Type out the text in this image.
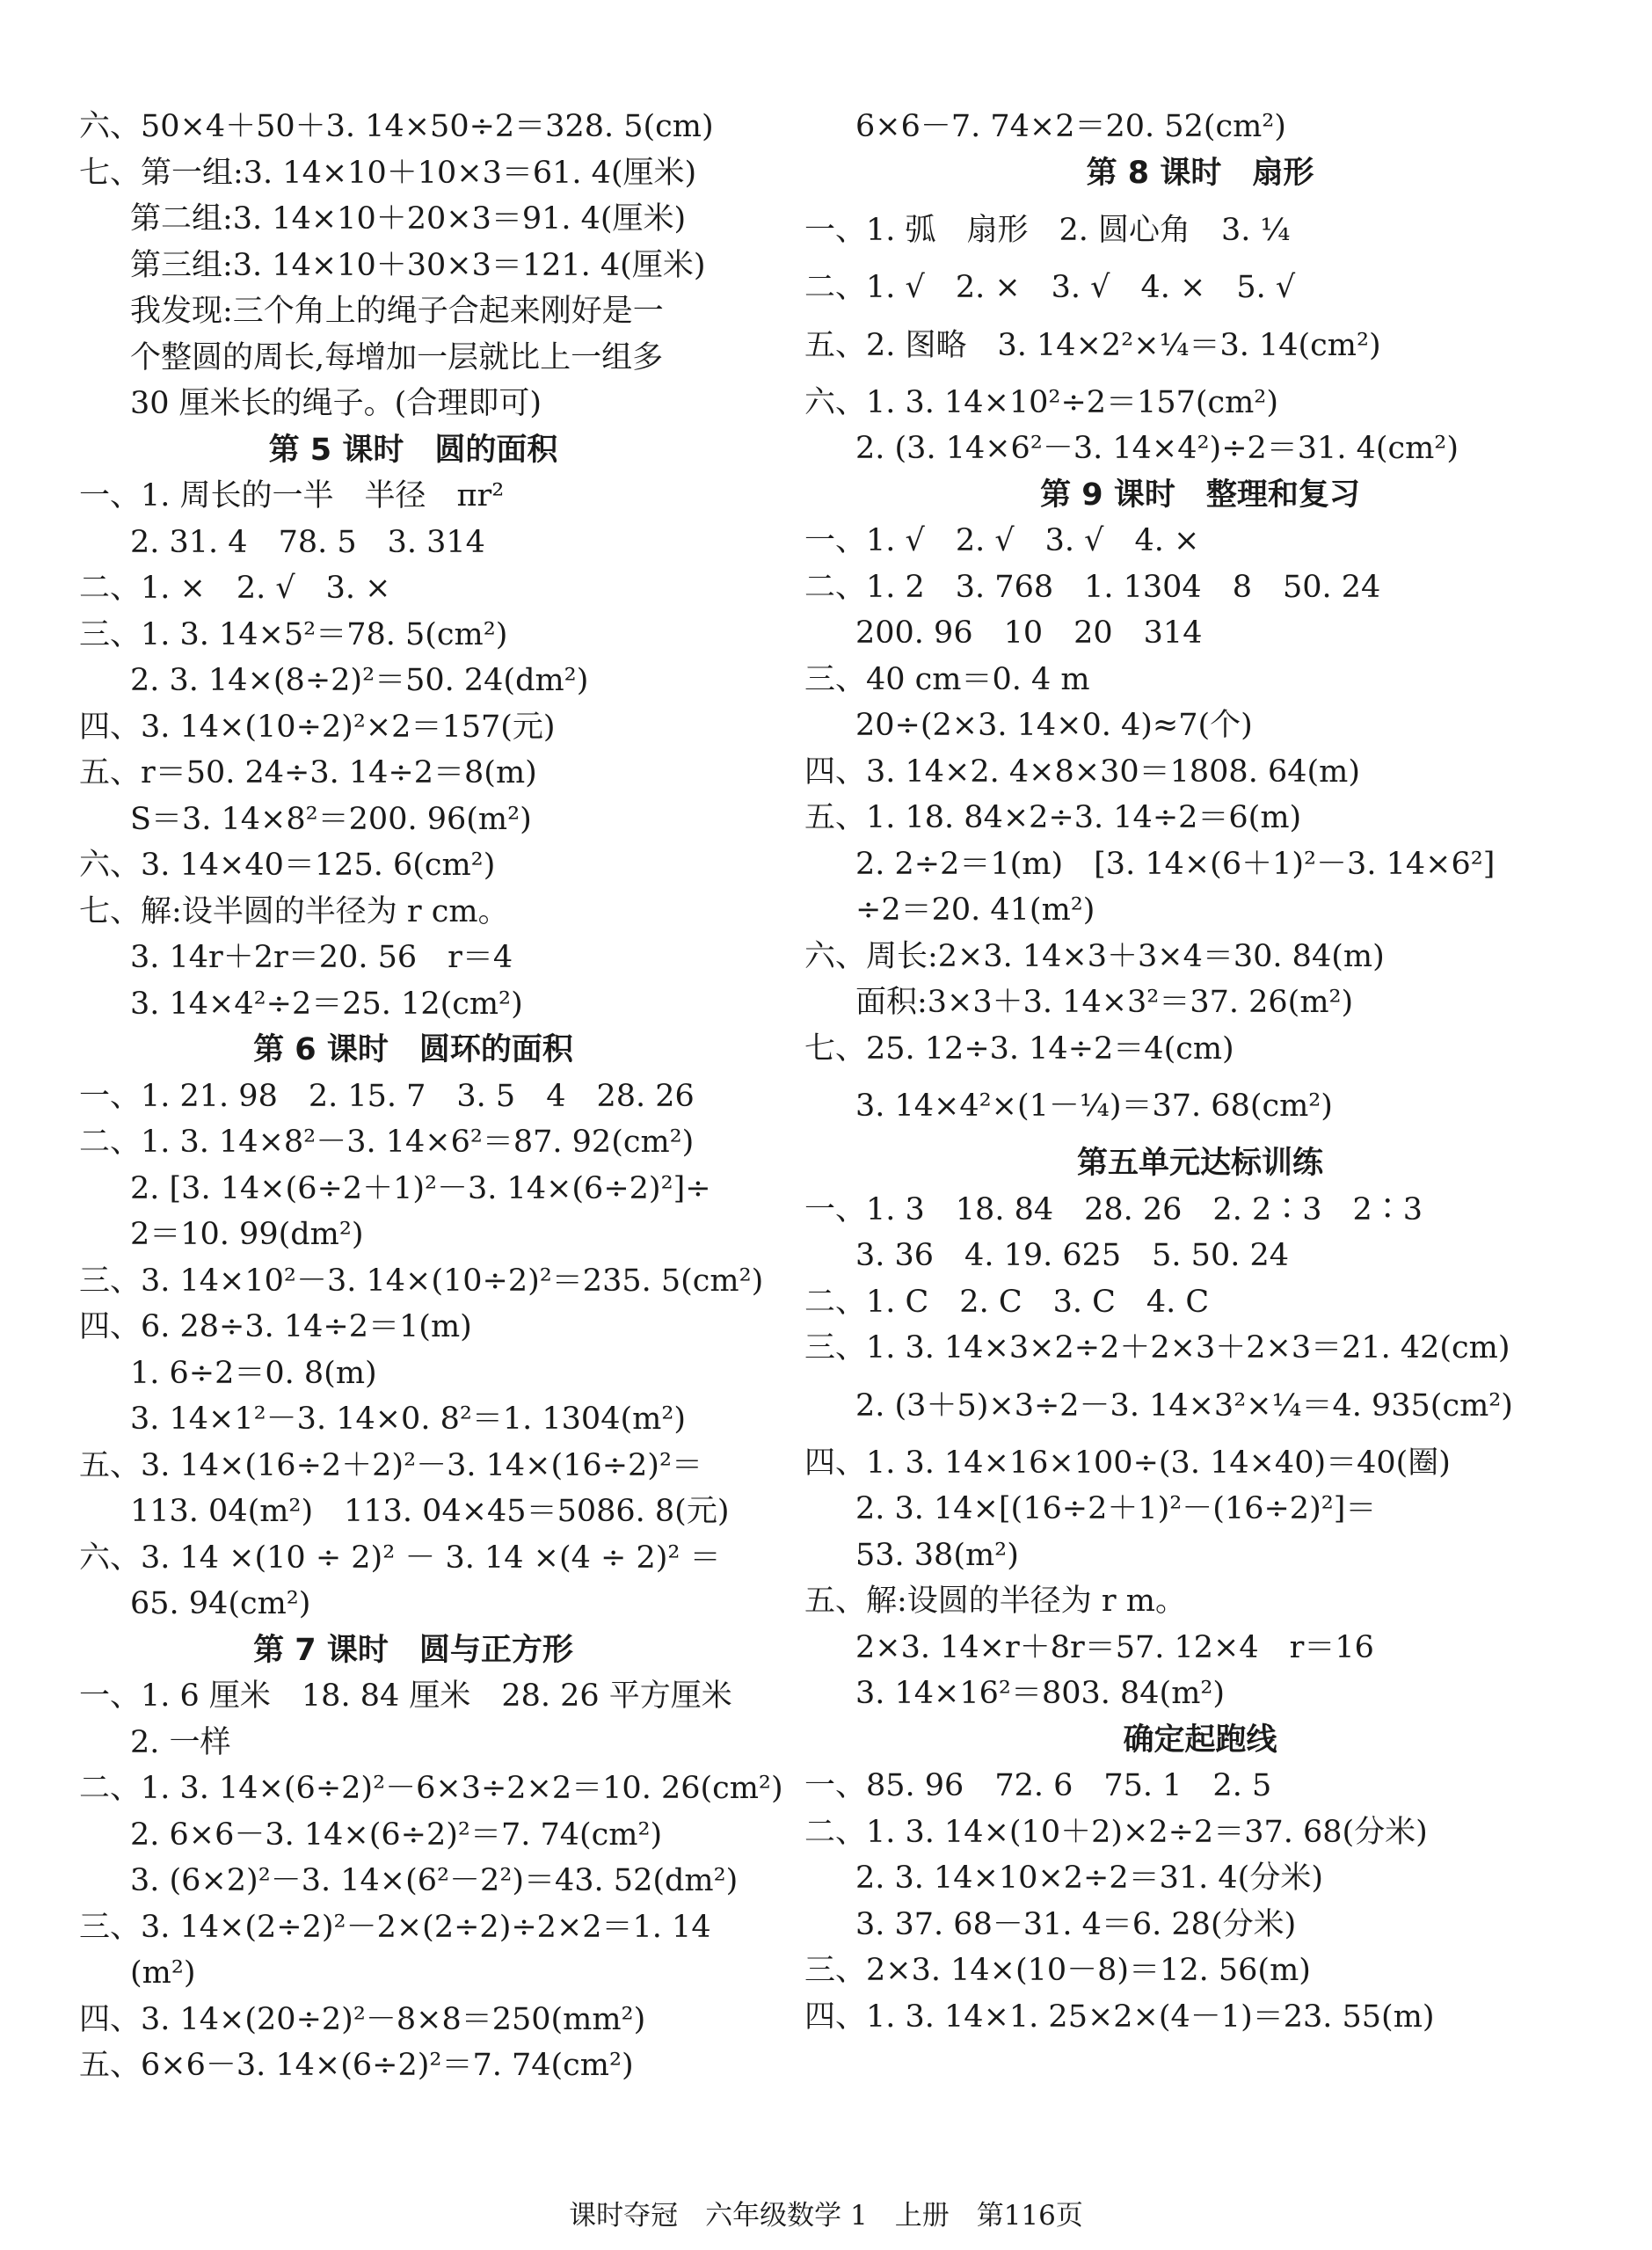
六、50×4＋50＋3. 14×50÷2＝328. 5(cm)
七、第一组:3. 14×10＋10×3＝61. 4(厘米)
第二组:3. 14×10＋20×3＝91. 4(厘米)
第三组:3. 14×10＋30×3＝121. 4(厘米)
我发现:三个角上的绳子合起来刚好是一
个整圆的周长,每增加一层就比上一组多
30 厘米长的绳子。(合理即可)
第 5 课时　圆的面积
一、1. 周长的一半　半径　πr²
2. 31. 4　78. 5　3. 314
二、1. ×　2. √　3. ×
三、1. 3. 14×5²＝78. 5(cm²)
2. 3. 14×(8÷2)²＝50. 24(dm²)
四、3. 14×(10÷2)²×2＝157(元)
五、r＝50. 24÷3. 14÷2＝8(m)
S＝3. 14×8²＝200. 96(m²)
六、3. 14×40＝125. 6(cm²)
七、解:设半圆的半径为 r cm。
3. 14r＋2r＝20. 56　r＝4
3. 14×4²÷2＝25. 12(cm²)
第 6 课时　圆环的面积
一、1. 21. 98　2. 15. 7　3. 5　4　28. 26
二、1. 3. 14×8²－3. 14×6²＝87. 92(cm²)
2. [3. 14×(6÷2＋1)²－3. 14×(6÷2)²]÷
2＝10. 99(dm²)
三、3. 14×10²－3. 14×(10÷2)²＝235. 5(cm²)
四、6. 28÷3. 14÷2＝1(m)
1. 6÷2＝0. 8(m)
3. 14×1²－3. 14×0. 8²＝1. 1304(m²)
五、3. 14×(16÷2＋2)²－3. 14×(16÷2)²＝
113. 04(m²)　113. 04×45＝5086. 8(元)
六、3. 14 ×(10 ÷ 2)² － 3. 14 ×(4 ÷ 2)² ＝
65. 94(cm²)
第 7 课时　圆与正方形
一、1. 6 厘米　18. 84 厘米　28. 26 平方厘米
2. 一样
二、1. 3. 14×(6÷2)²－6×3÷2×2＝10. 26(cm²)
2. 6×6－3. 14×(6÷2)²＝7. 74(cm²)
3. (6×2)²－3. 14×(6²－2²)＝43. 52(dm²)
三、3. 14×(2÷2)²－2×(2÷2)÷2×2＝1. 14
(m²)
四、3. 14×(20÷2)²－8×8＝250(mm²)
五、6×6－3. 14×(6÷2)²＝7. 74(cm²)
6×6－7. 74×2＝20. 52(cm²)
第 8 课时　扇形
一、1. 弧　扇形　2. 圆心角　3. ¼
二、1. √　2. ×　3. √　4. ×　5. √
五、2. 图略　3. 14×2²×¼＝3. 14(cm²)
六、1. 3. 14×10²÷2＝157(cm²)
2. (3. 14×6²－3. 14×4²)÷2＝31. 4(cm²)
第 9 课时　整理和复习
一、1. √　2. √　3. √　4. ×
二、1. 2　3. 768　1. 1304　8　50. 24
200. 96　10　20　314
三、40 cm＝0. 4 m
20÷(2×3. 14×0. 4)≈7(个)
四、3. 14×2. 4×8×30＝1808. 64(m)
五、1. 18. 84×2÷3. 14÷2＝6(m)
2. 2÷2＝1(m)　[3. 14×(6＋1)²－3. 14×6²]
÷2＝20. 41(m²)
六、周长:2×3. 14×3＋3×4＝30. 84(m)
面积:3×3＋3. 14×3²＝37. 26(m²)
七、25. 12÷3. 14÷2＝4(cm)
3. 14×4²×(1－¼)＝37. 68(cm²)
第五单元达标训练
一、1. 3　18. 84　28. 26　2. 2∶3　2∶3
3. 36　4. 19. 625　5. 50. 24
二、1. C　2. C　3. C　4. C
三、1. 3. 14×3×2÷2＋2×3＋2×3＝21. 42(cm)
2. (3＋5)×3÷2－3. 14×3²×¼＝4. 935(cm²)
四、1. 3. 14×16×100÷(3. 14×40)＝40(圈)
2. 3. 14×[(16÷2＋1)²－(16÷2)²]＝
53. 38(m²)
五、解:设圆的半径为 r m。
2×3. 14×r＋8r＝57. 12×4　r＝16
3. 14×16²＝803. 84(m²)
确定起跑线
一、85. 96　72. 6　75. 1　2. 5
二、1. 3. 14×(10＋2)×2÷2＝37. 68(分米)
2. 3. 14×10×2÷2＝31. 4(分米)
3. 37. 68－31. 4＝6. 28(分米)
三、2×3. 14×(10－8)＝12. 56(m)
四、1. 3. 14×1. 25×2×(4－1)＝23. 55(m)
课时夺冠　六年级数学 1　上册　第116页
